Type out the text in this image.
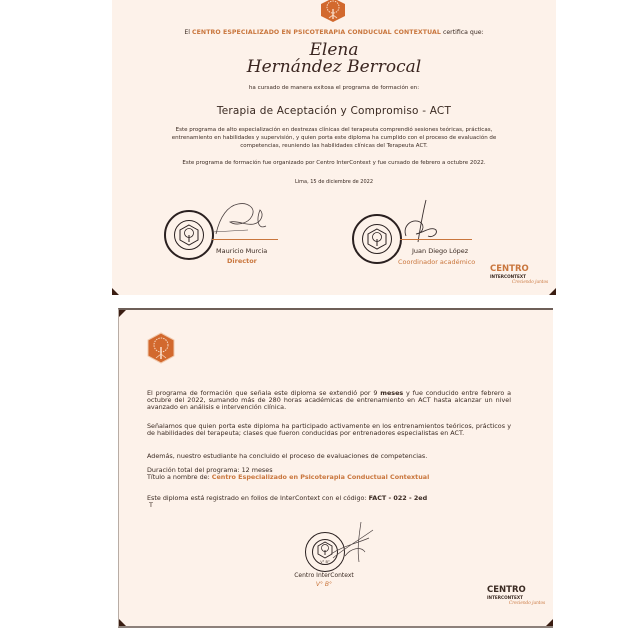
El CENTRO ESPECIALIZADO EN PSICOTERAPIA CONDUCUAL CONTEXTUAL certifica que:
Elena
Hernández Berrocal
ha cursado de manera exitosa el programa de formación en:
Terapia de Aceptación y Compromiso - ACT
Este programa de alto especialización en destrezas clínicas del terapeuta comprendió sesiones teóricas, prácticas, entrenamiento en habilidades y supervisión, y quien porta este diploma ha cumplido con el proceso de evaluación de competencias, reuniendo las habilidades clínicas del Terapeuta ACT.
Este programa de formación fue organizado por Centro InterContext y fue cursado de febrero a octubre 2022.
Lima, 15 de diciembre de 2022
Mauricio Murcia
Director
Juan Diego López
Coordinador académico
CENTRO
INTERCONTEXT
Creciendo juntos
El programa de formación que señala este diploma se extendió por 9 meses y fue conducido entre febrero a octubre del 2022, sumando más de 280 horas académicas de entrenamiento en ACT hasta alcanzar un nivel avanzado en análisis e intervención clínica.
Señalamos que quien porta este diploma ha participado activamente en los entrenamientos teóricos, prácticos y de habilidades del terapeuta; clases que fueron conducidas por entrenadores especialistas en ACT.
Además, nuestro estudiante ha concluido el proceso de evaluaciones de competencias.
Duración total del programa: 12 meses
Título a nombre de: Centro Especializado en Psicoterapia Conductual Contextual
Este diploma está registrado en folios de InterContext con el código: FACT - 022 - 2ed
T
V° B°
Centro InterContext
V° B°
CENTRO
INTERCONTEXT
Creciendo juntos
